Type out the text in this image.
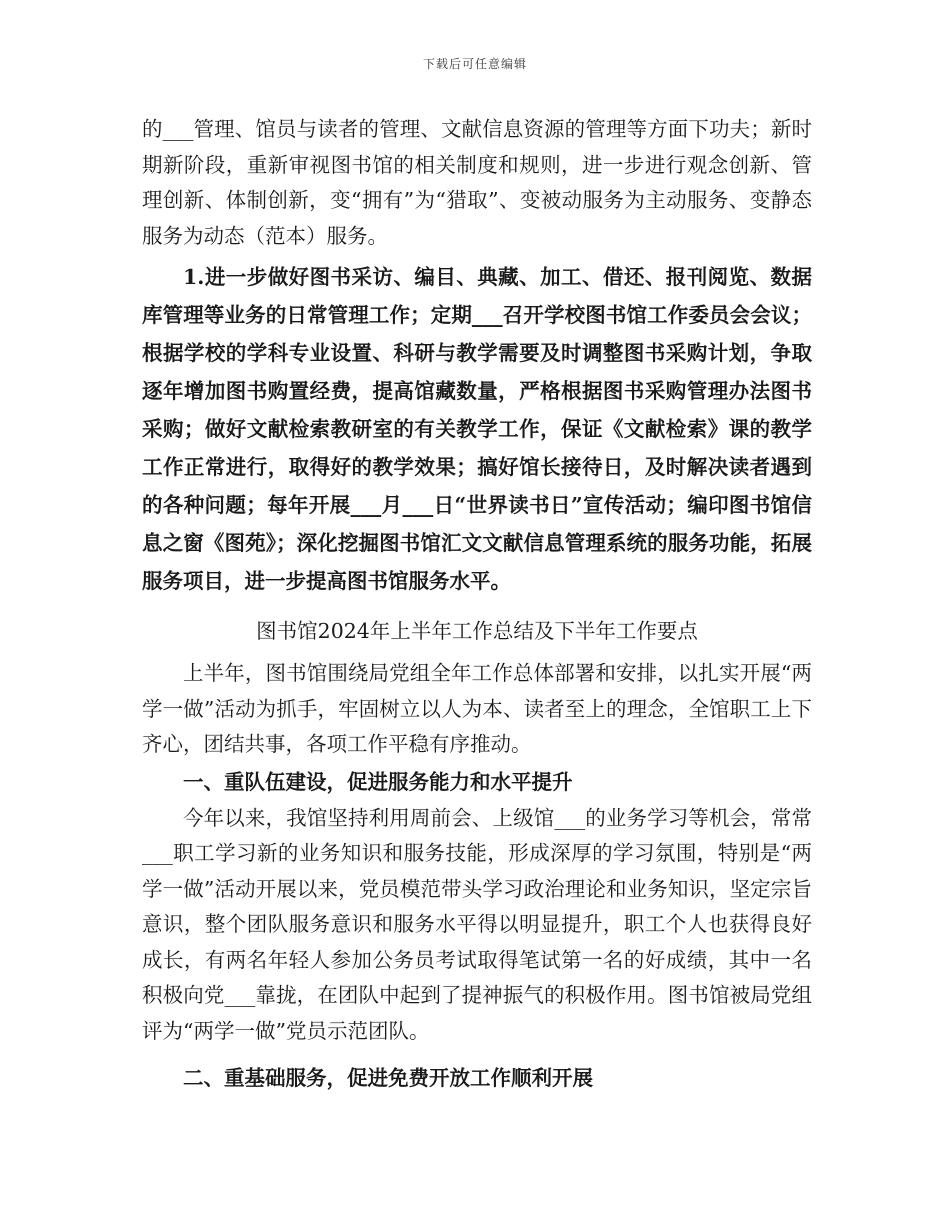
下载后可任意编辑

的___管理、馆员与读者的管理、文献信息资源的管理等方面下功夫；新时期新阶段，重新审视图书馆的相关制度和规则，进一步进行观念创新、管理创新、体制创新，变“拥有”为“猎取”、变被动服务为主动服务、变静态服务为动态（范本）服务。

1.进一步做好图书采访、编目、典藏、加工、借还、报刊阅览、数据库管理等业务的日常管理工作；定期___召开学校图书馆工作委员会会议；根据学校的学科专业设置、科研与教学需要及时调整图书采购计划，争取逐年增加图书购置经费，提高馆藏数量，严格根据图书采购管理办法图书采购；做好文献检索教研室的有关教学工作，保证《文献检索》课的教学工作正常进行，取得好的教学效果；搞好馆长接待日，及时解决读者遇到的各种问题；每年开展___月___日“世界读书日”宣传活动；编印图书馆信息之窗《图苑》；深化挖掘图书馆汇文文献信息管理系统的服务功能，拓展服务项目，进一步提高图书馆服务水平。

图书馆2024年上半年工作总结及下半年工作要点

上半年，图书馆围绕局党组全年工作总体部署和安排，以扎实开展“两学一做”活动为抓手，牢固树立以人为本、读者至上的理念，全馆职工上下齐心，团结共事，各项工作平稳有序推动。

一、重队伍建设，促进服务能力和水平提升

今年以来，我馆坚持利用周前会、上级馆___的业务学习等机会，常常___职工学习新的业务知识和服务技能，形成深厚的学习氛围，特别是“两学一做”活动开展以来，党员模范带头学习政治理论和业务知识，坚定宗旨意识，整个团队服务意识和服务水平得以明显提升，职工个人也获得良好成长，有两名年轻人参加公务员考试取得笔试第一名的好成绩，其中一名积极向党___靠拢，在团队中起到了提神振气的积极作用。图书馆被局党组评为“两学一做”党员示范团队。

二、重基础服务，促进免费开放工作顺利开展
